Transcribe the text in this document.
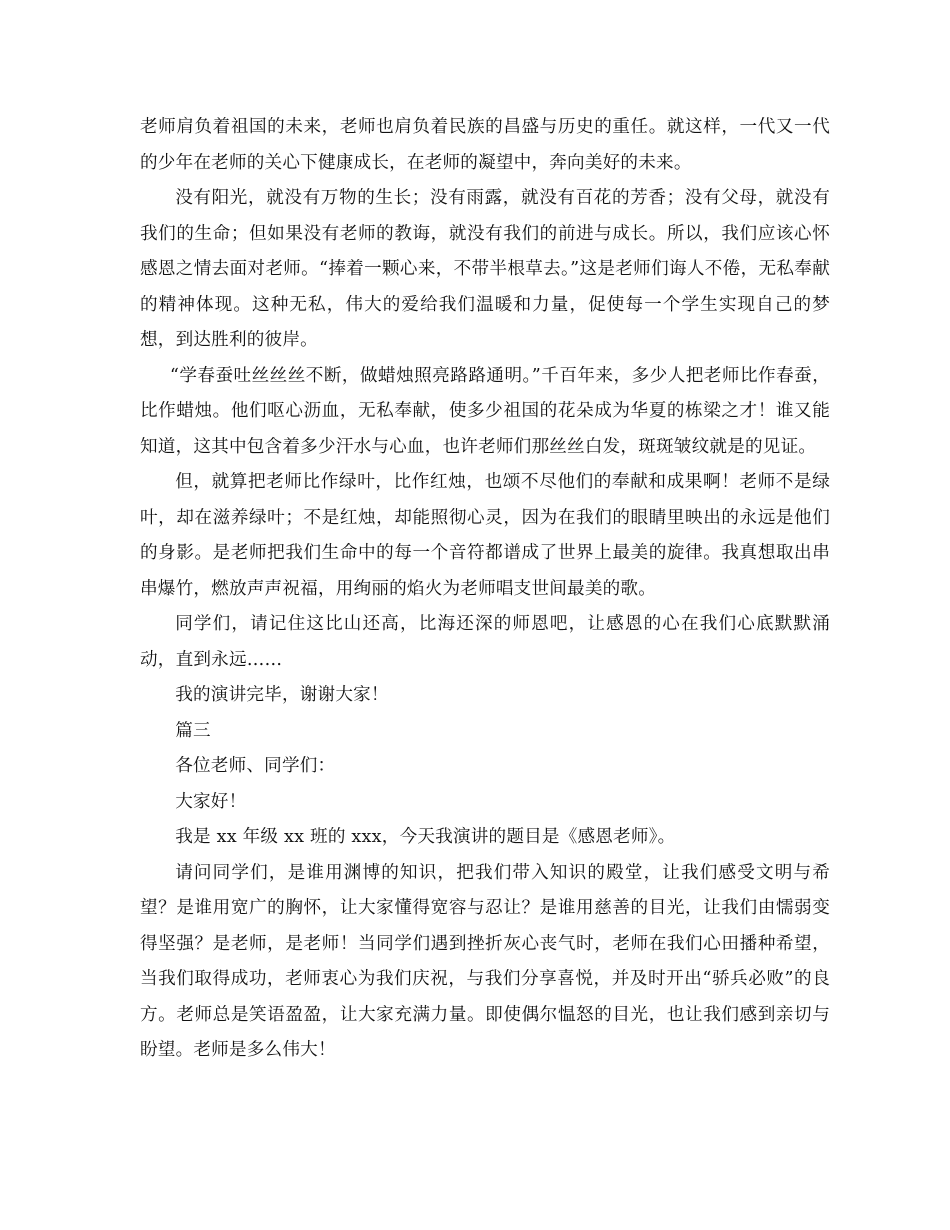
老师肩负着祖国的未来，老师也肩负着民族的昌盛与历史的重任。就这样，一代又一代的少年在老师的关心下健康成长，在老师的凝望中，奔向美好的未来。

没有阳光，就没有万物的生长；没有雨露，就没有百花的芳香；没有父母，就没有我们的生命；但如果没有老师的教诲，就没有我们的前进与成长。所以，我们应该心怀感恩之情去面对老师。“捧着一颗心来，不带半根草去。”这是老师们诲人不倦，无私奉献的精神体现。这种无私，伟大的爱给我们温暖和力量，促使每一个学生实现自己的梦想，到达胜利的彼岸。

“学春蚕吐丝丝丝不断，做蜡烛照亮路路通明。”千百年来，多少人把老师比作春蚕，比作蜡烛。他们呕心沥血，无私奉献，使多少祖国的花朵成为华夏的栋梁之才！谁又能知道，这其中包含着多少汗水与心血，也许老师们那丝丝白发，斑斑皱纹就是的见证。

但，就算把老师比作绿叶，比作红烛，也颂不尽他们的奉献和成果啊！老师不是绿叶，却在滋养绿叶；不是红烛，却能照彻心灵，因为在我们的眼睛里映出的永远是他们的身影。是老师把我们生命中的每一个音符都谱成了世界上最美的旋律。我真想取出串串爆竹，燃放声声祝福，用绚丽的焰火为老师唱支世间最美的歌。

同学们，请记住这比山还高，比海还深的师恩吧，让感恩的心在我们心底默默涌动，直到永远……

我的演讲完毕，谢谢大家！

篇三

各位老师、同学们：

大家好！

我是 xx 年级 xx 班的 xxx，今天我演讲的题目是《感恩老师》。

请问同学们，是谁用渊博的知识，把我们带入知识的殿堂，让我们感受文明与希望？是谁用宽广的胸怀，让大家懂得宽容与忍让？是谁用慈善的目光，让我们由懦弱变得坚强？是老师，是老师！当同学们遇到挫折灰心丧气时，老师在我们心田播种希望，当我们取得成功，老师衷心为我们庆祝，与我们分享喜悦，并及时开出“骄兵必败”的良方。老师总是笑语盈盈，让大家充满力量。即使偶尔愠怒的目光，也让我们感到亲切与盼望。老师是多么伟大！
